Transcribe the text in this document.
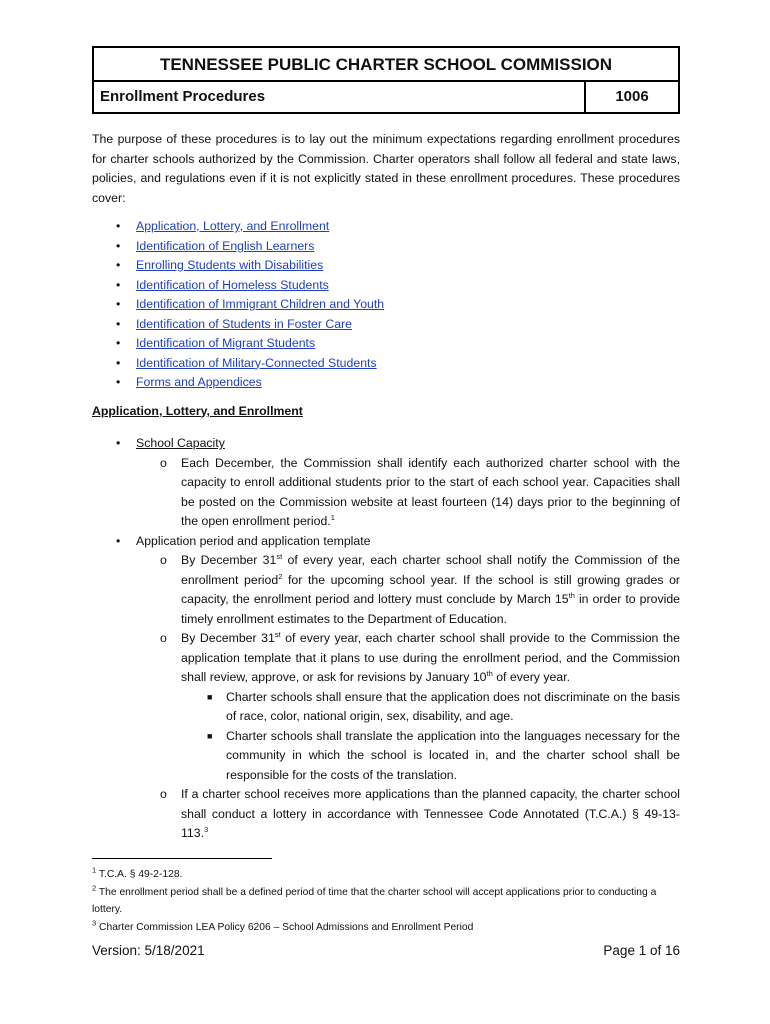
TENNESSEE PUBLIC CHARTER SCHOOL COMMISSION
Enrollment Procedures	1006

The purpose of these procedures is to lay out the minimum expectations regarding enrollment procedures for charter schools authorized by the Commission. Charter operators shall follow all federal and state laws, policies, and regulations even if it is not explicitly stated in these enrollment procedures. These procedures cover:

• Application, Lottery, and Enrollment
• Identification of English Learners
• Enrolling Students with Disabilities
• Identification of Homeless Students
• Identification of Immigrant Children and Youth
• Identification of Students in Foster Care
• Identification of Migrant Students
• Identification of Military-Connected Students
• Forms and Appendices
Application, Lottery, and Enrollment
• School Capacity
o	Each December, the Commission shall identify each authorized charter school with the capacity to enroll additional students prior to the start of each school year. Capacities shall be posted on the Commission website at least fourteen (14) days prior to the beginning of the open enrollment period.$^1$
• Application period and application template
o	By December 31st of every year, each charter school shall notify the Commission of the enrollment period$^2$ for the upcoming school year. If the school is still growing grades or capacity, the enrollment period and lottery must conclude by March 15th in order to provide timely enrollment estimates to the Department of Education.
o	By December 31st of every year, each charter school shall provide to the Commission the application template that it plans to use during the enrollment period, and the Commission shall review, approve, or ask for revisions by January 10th of every year.
■ Charter schools shall ensure that the application does not discriminate on the basis of race, color, national origin, sex, disability, and age.
■ Charter schools shall translate the application into the languages necessary for the community in which the school is located in, and the charter school shall be responsible for the costs of the translation.
o	If a charter school receives more applications than the planned capacity, the charter school shall conduct a lottery in accordance with Tennessee Code Annotated (T.C.A.) § 49-13-113.$^3$

$^1$ T.C.A. § 49-2-128.

$^2$ The enrollment period shall be a defined period of time that the charter school will accept applications prior to conducting a lottery.

$^3$ Charter Commission LEA Policy 6206 – School Admissions and Enrollment Period

Version: 5/18/2021	Page 1 of 16
